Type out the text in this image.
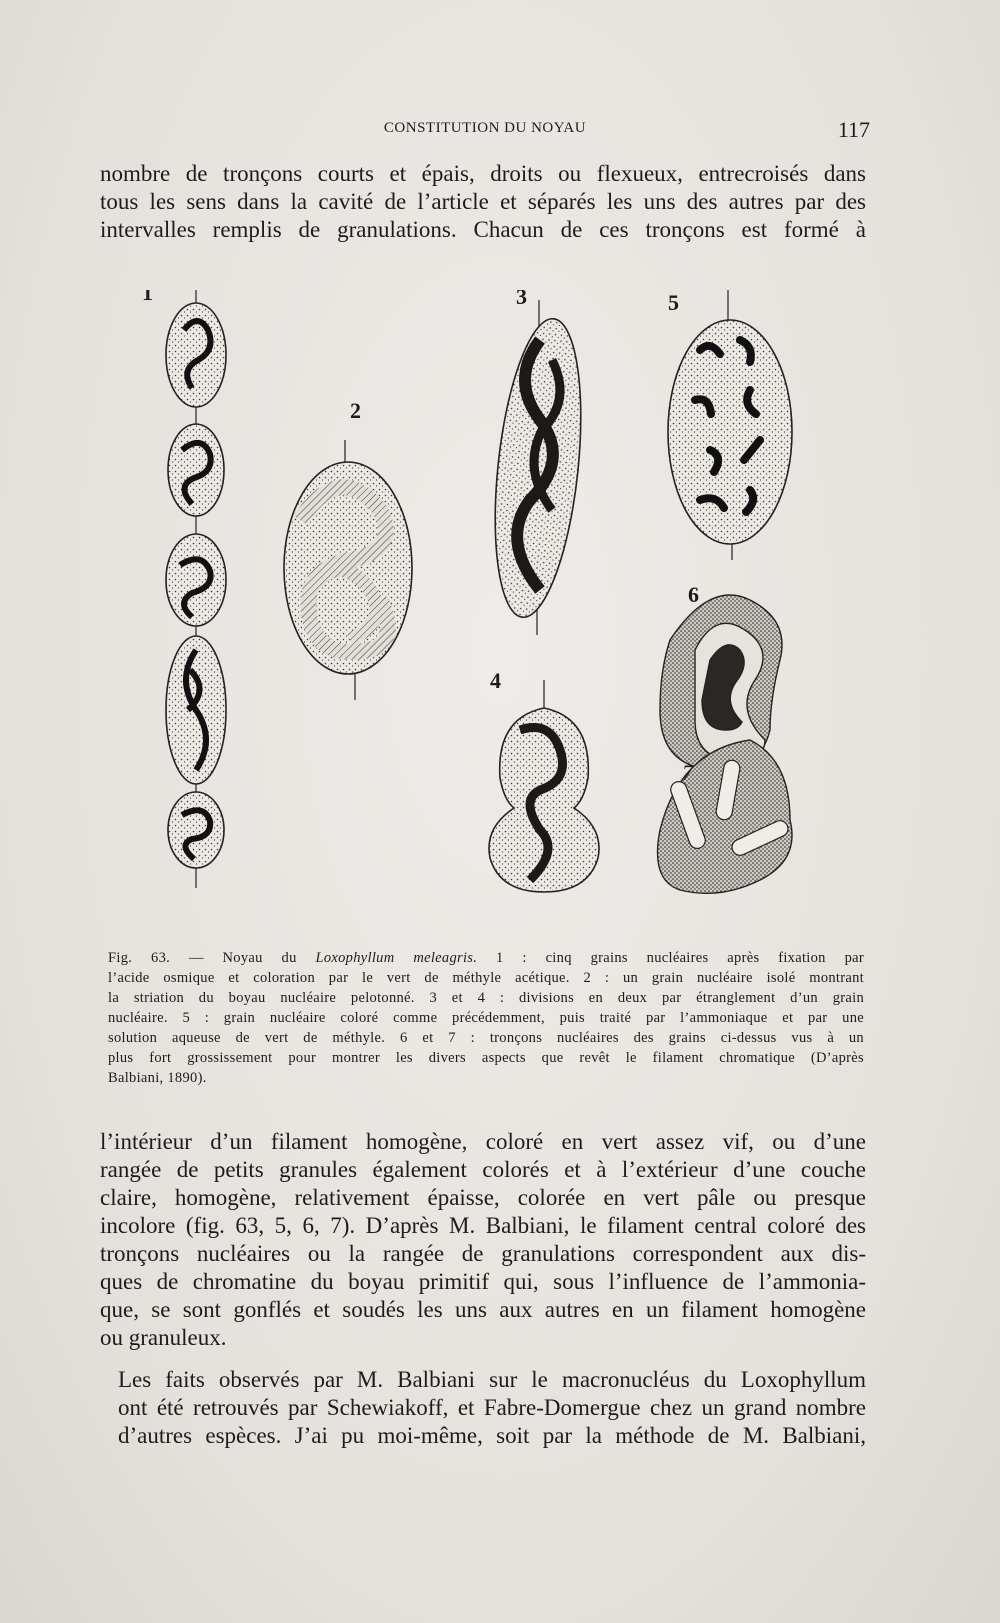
CONSTITUTION DU NOYAU	117
nombre de tronçons courts et épais, droits ou flexueux, entrecroisés dans
tous les sens dans la cavité de l’article et séparés les uns des autres par des
intervalles remplis de granulations. Chacun de ces tronçons est formé à
1
2
3
4
5
6
7
Fig. 63. — Noyau du Loxophyllum meleagris. 1 : cinq grains nucléaires après fixation par
l’acide osmique et coloration par le vert de méthyle acétique. 2 : un grain nucléaire isolé montrant
la striation du boyau nucléaire pelotonné. 3 et 4 : divisions en deux par étranglement d’un grain
nucléaire. 5 : grain nucléaire coloré comme précédemment, puis traité par l’ammoniaque et par une
solution aqueuse de vert de méthyle. 6 et 7 : tronçons nucléaires des grains ci-dessus vus à un
plus fort grossissement pour montrer les divers aspects que revêt le filament chromatique (D’après
Balbiani, 1890).
l’intérieur d’un filament homogène, coloré en vert assez vif, ou d’une
rangée de petits granules également colorés et à l’extérieur d’une couche
claire, homogène, relativement épaisse, colorée en vert pâle ou presque
incolore (fig. 63, 5, 6, 7). D’après M. Balbiani, le filament central coloré des
tronçons nucléaires ou la rangée de granulations correspondent aux dis-
ques de chromatine du boyau primitif qui, sous l’influence de l’ammonia-
que, se sont gonflés et soudés les uns aux autres en un filament homogène
ou granuleux.
Les faits observés par M. Balbiani sur le macronucléus du Loxophyllum
ont été retrouvés par Schewiakoff, et Fabre-Domergue chez un grand nombre
d’autres espèces. J’ai pu moi-même, soit par la méthode de M. Balbiani,
